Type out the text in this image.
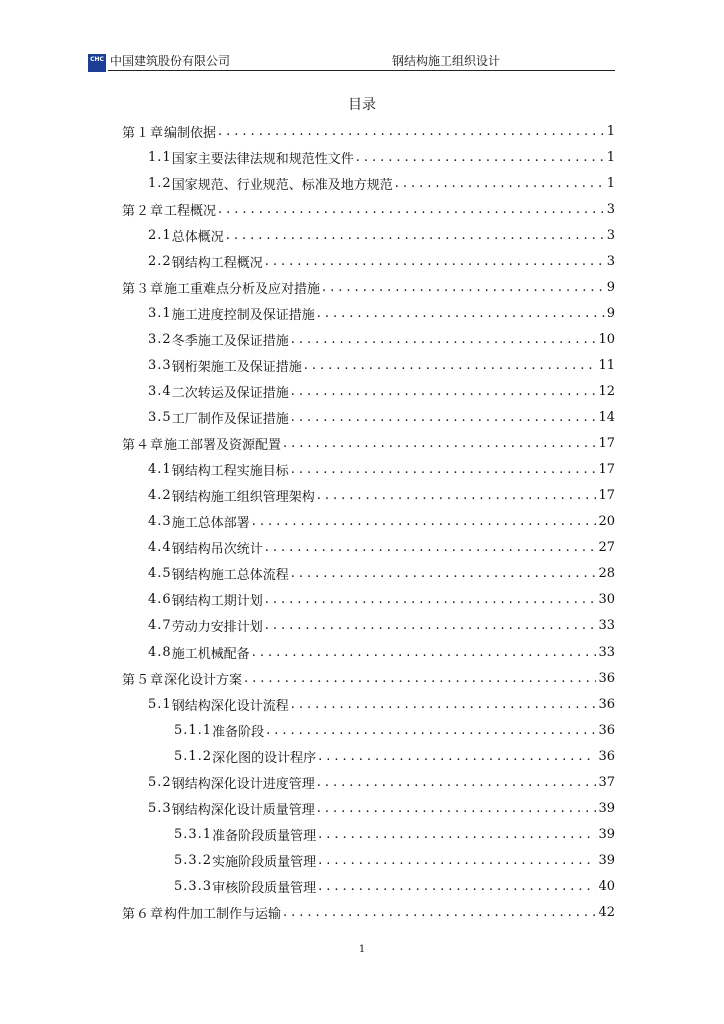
CHC 中国建筑股份有限公司	钢结构施工组织设计
目录
第１章 编制依据 .....	1
1.1 国家主要法律法规和规范性文件 .....	1
1.2 国家规范、行业规范、标准及地方规范 .....	1
第２章 工程概况 .....	3
2.1 总体概况 .....	3
2.2 钢结构工程概况 .....	3
第３章 施工重难点分析及应对措施 .....	9
3.1 施工进度控制及保证措施 .....	9
3.2 冬季施工及保证措施 .....	10
3.3 钢桁架施工及保证措施 .....	11
3.4 二次转运及保证措施 .....	12
3.5 工厂制作及保证措施 .....	14
第４章 施工部署及资源配置 .....	17
4.1 钢结构工程实施目标 .....	17
4.2 钢结构施工组织管理架构 .....	17
4.3 施工总体部署 .....	20
4.4 钢结构吊次统计 .....	27
4.5 钢结构施工总体流程 .....	28
4.6 钢结构工期计划 .....	30
4.7 劳动力安排计划 .....	33
4.8 施工机械配备 .....	33
第５章 深化设计方案 .....	36
5.1 钢结构深化设计流程 .....	36
5.1.1 准备阶段 .....	36
5.1.2 深化图的设计程序 .....	36
5.2 钢结构深化设计进度管理 .....	37
5.3 钢结构深化设计质量管理 .....	39
5.3.1 准备阶段质量管理 .....	39
5.3.2 实施阶段质量管理 .....	39
5.3.3 审核阶段质量管理 .....	40
第６章 构件加工制作与运输 .....	42
1
